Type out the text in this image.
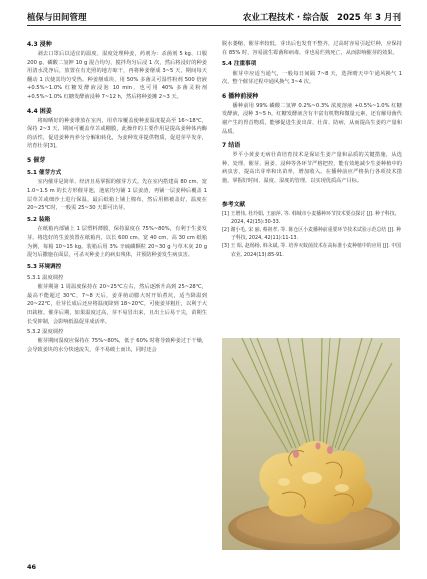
植保与田间管理	农业工程技术 · 综合版　2025 年 3 月刊
4.3 浸种
剥去口罩后以适宜的温度、湿度处理种姜，药剂为：杀菌剂 5 kg、口服 200 g、磷酸二氢钾 10 g 混合均匀，搅拌均匀后浸 1 次，然后将浸好的种姜用清水洗净后，放置在有光照的地方晾干，再将种姜掰成 3~5 天，期间每天翻动 1 次使其均匀受热。种姜掰成块，用 50% 多菌灵可湿性粉剂 500 倍液 +0.5%~1.0% 红糖发酵液浸泡 10 min，也可用 40% 多菌灵粉剂 +0.5%~1.0% 红糖发酵液浸种 7~12 h，然后将种姜摊 2~3 天。
4.4 困姜
将晾晒好的种姜堆放在室内，用草帘覆盖使种姜温度提高至 16~18℃，保持 2~3 天，期间可覆盖草苫或棚膜，此操作的主要作用是提高姜种体内酶的活性，促进姜种内养分分解和转化，为姜种发芽提供物质，促进芽早发芽，培育壮芽[3]。
5 催芽
5.1 催芽方式
室内催芽是简单、经济且易掌握的催芽方式。先在室内搭建高 80 cm、宽 1.0~1.5 m 的长方形催芽池，池底均匀铺 1 层姜渣，再铺一层姜种后覆盖 1 层草苫或细沙土进行保温，最后纸箱上铺上棉布，然后用棉被盖好，温度在 20~25℃时，一般需 25~30 天即可出芽。
5.2 装箱
在纸箱内部铺上 1 层塑料薄膜，保持温度在 75%~80%，有利于生姜发芽。将选好的生姜放置在纸箱内，以长 600 cm、宽 40 cm、高 30 cm 纸箱为例，每箱 10~15 kg。装箱后用 3% 辛硫磷颗粒 20~30 g 与草木灰 20 g 混匀后撒施在面层，可杀灭种姜上的病虫残体，并预防种姜发生病虫害。
5.3 环境调控
5.3.1 温度调控
催芽期第 1 周温度保持在 20~25℃左右，然后逐渐升高到 25~28℃，最高不能超过 30℃，7~8 天后，姜芽萌动膨大时开始煮坑，适当降温到 20~22℃，壮芽长成后还应将温度降到 18~20℃，可使姜芽粗壮，以利于大田栽植。催芽后期，如果温度过高，芽不易冒出来，且出土后易干尖，苗期生长受抑制，会影响低温促芽成活率。
5.3.2 湿度调控
催芽期间湿度应保持在 75%~80%，低于 60% 时将导致种姜过于干燥，会导致姜块的水分快速流失，芽不易破土而出，同时还会
脱水萎缩，催芽率较低，芽出后也发育不整齐，过高时容易引起烂种，应保持在 85% 时，容易滋生霉菌和病毒，芽也易烂熟死亡，从而影响催芽的效果。
5.4 注重事项
催芽中应适当通气，一般每日间隔 7~8 天，选择晴天中午通风换气 1 次，整个催芽过程中通风换气 3~4 次。
6 播种前浸种
播种前用 99% 磷酸二氢钾 0.2%~0.3% 浓度溶液 +0.5%~1.0% 红糖发酵液，浸种 3~5 h，红糖发酵液含有丰富有机物和微量元素，还有解母菌代谢产生的胃首物质，能够促进生姜出苗、壮苗、防病，从而提高生姜的产量和品质。
7 结语
罗平小黄姜无病壮苗培育技术是保证生姜产量和品质的关键措施，从选种、处理、催芽、困姜、浸种等各环节严格把控，能有效地减少生姜种植中的病虫害，提高出芽率和出苗率，增加收入。在播种前应严格执行各项技术措施，掌握好时间、温度、湿度的管理，以实现优质高产目标。
参考文献
[1] 王增伟, 杜玲娟, 王丽萍, 等. 韩城市小麦播种环节技术要点探讨 [J]. 种子科技, 2024, 42(15):30-33.
[2] 谢小毛, 宋 丽, 蔡祖孝, 等. 陈仓区小麦播种前重要环节技术试验示范总结 [J]. 种子科技, 2024, 42(11):11-13.
[3] 王 昭, 赵杨杨, 韩永斌, 等. 培养灭蚊菌技术在高标准小麦种植中的应用 [J]. 中国农业, 2024(13):85-91.
46
